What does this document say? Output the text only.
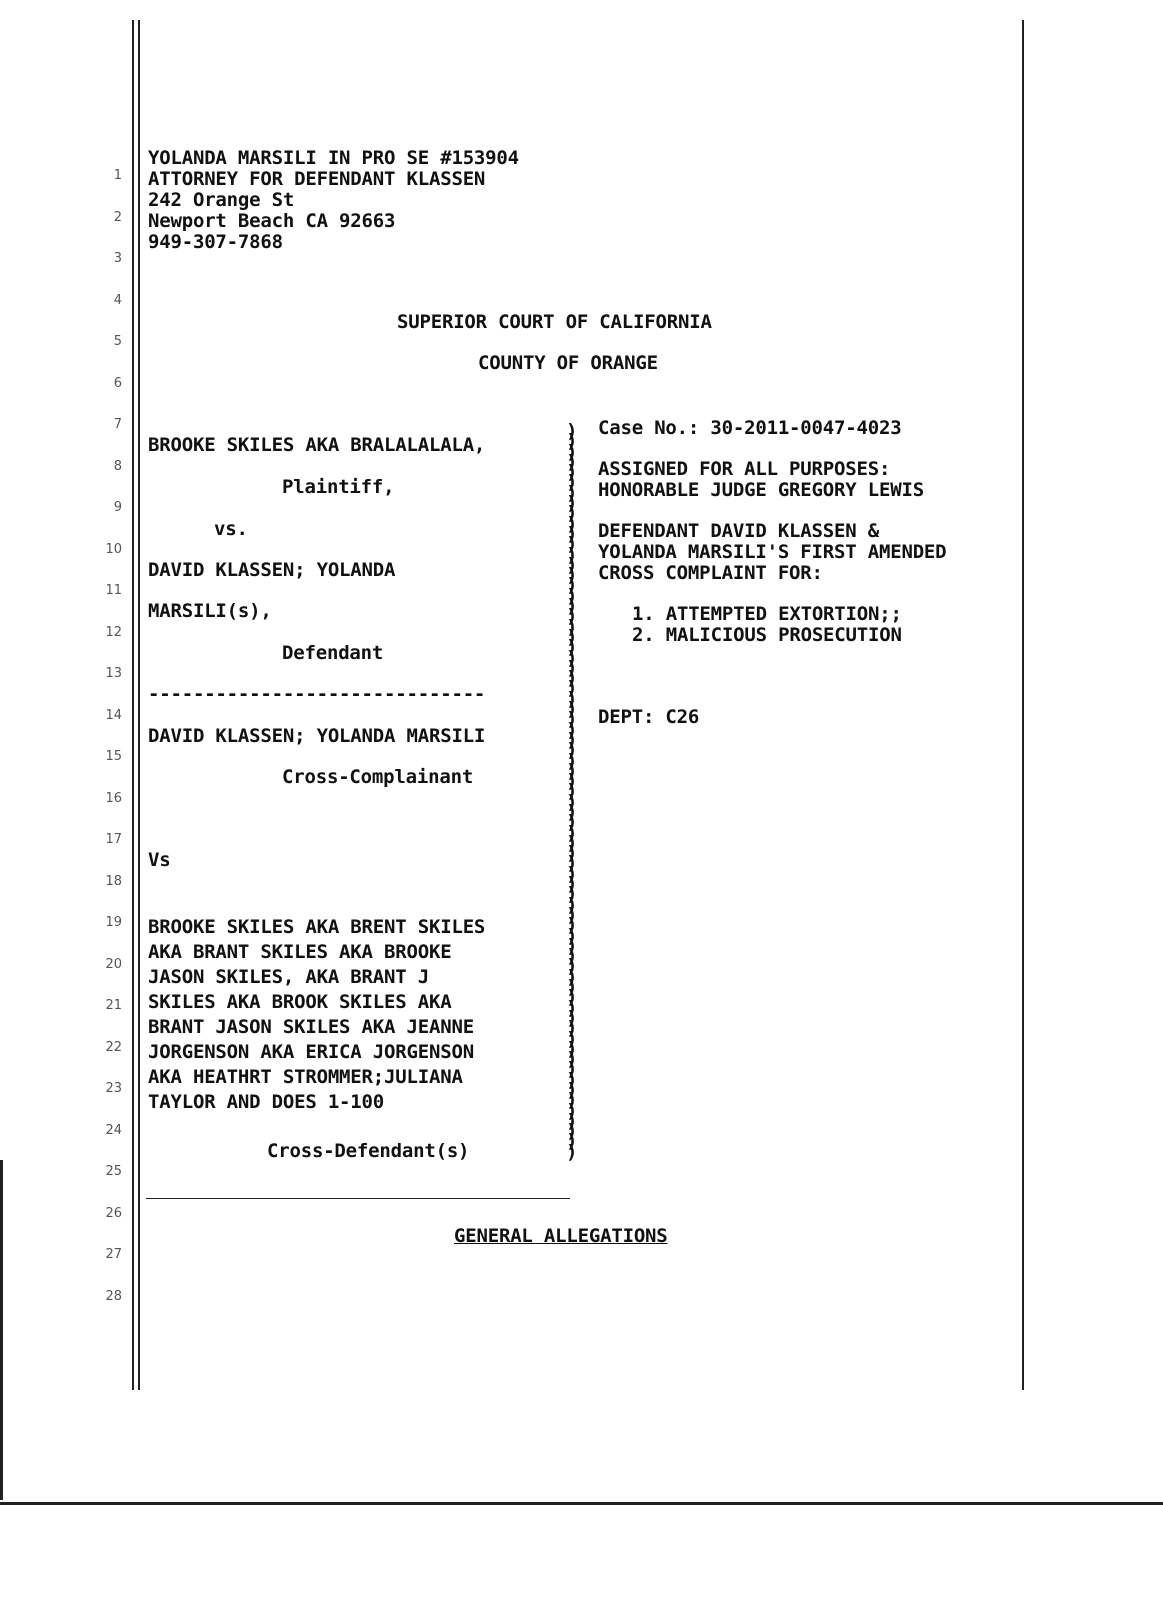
1
2
3
4
5
6
7
8
9
10
11
12
13
14
15
16
17
18
19
20
21
22
23
24
25
26
27
28
YOLANDA MARSILI IN PRO SE #153904
ATTORNEY FOR DEFENDANT KLASSEN
242 Orange St
Newport Beach CA 92663
949-307-7868
SUPERIOR COURT OF CALIFORNIA
COUNTY OF ORANGE
BROOKE SKILES AKA BRALALALALA,
Plaintiff,
vs.
DAVID KLASSEN; YOLANDA
MARSILI(s),
Defendant
------------------------------
DAVID KLASSEN; YOLANDA MARSILI
Cross-Complainant
Vs
BROOKE SKILES AKA BRENT SKILES
AKA BRANT SKILES AKA BROOKE
JASON SKILES, AKA BRANT J
SKILES AKA BROOK SKILES AKA
BRANT JASON SKILES AKA JEANNE
JORGENSON AKA ERICA JORGENSON
AKA HEATHRT STROMMER;JULIANA
TAYLOR AND DOES 1-100
Cross-Defendant(s)
)
)
)
)
)
)
)
)
)
)
)
)
)
)
)
)
)
)
)
)
)
)
)
)
)
)
)
)
)
)
)
)
)
)
)
)
)
)
)
)
)
)
)
)
)
)
)
)
)
)
)
)
)
)
)
)
)
)
)
)
)
)
)
)
)
)
)
)
)
)
)
Case No.: 30-2011-0047-4023
ASSIGNED FOR ALL PURPOSES:
HONORABLE JUDGE GREGORY LEWIS
DEFENDANT DAVID KLASSEN &
YOLANDA MARSILI'S FIRST AMENDED
CROSS COMPLAINT FOR:
1. ATTEMPTED EXTORTION;;
2. MALICIOUS PROSECUTION
DEPT: C26
GENERAL ALLEGATIONS
